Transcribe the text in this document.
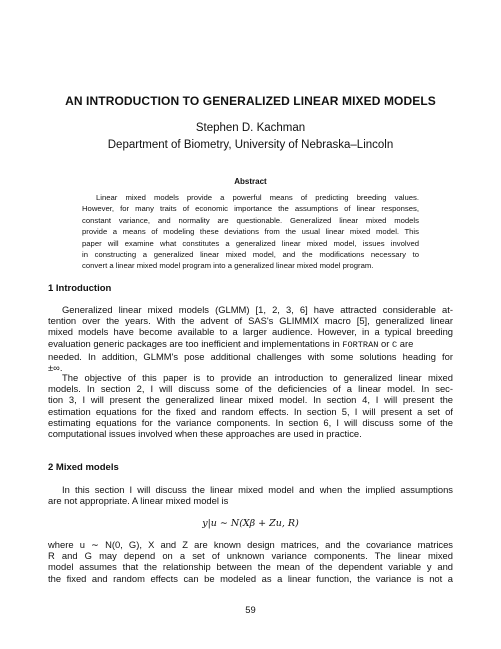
AN INTRODUCTION TO GENERALIZED LINEAR MIXED MODELS
Stephen D. Kachman
Department of Biometry, University of Nebraska–Lincoln
Abstract
Linear mixed models provide a powerful means of predicting breeding values.
However, for many traits of economic importance the assumptions of linear responses,
constant variance, and normality are questionable. Generalized linear mixed models
provide a means of modeling these deviations from the usual linear mixed model. This
paper will examine what constitutes a generalized linear mixed model, issues involved
in constructing a generalized linear mixed model, and the modifications necessary to
convert a linear mixed model program into a generalized linear mixed model program.
1 Introduction
Generalized linear mixed models (GLMM) [1, 2, 3, 6] have attracted considerable at-
tention over the years. With the advent of SAS's GLIMMIX macro [5], generalized linear
mixed models have become available to a larger audience. However, in a typical breeding
evaluation generic packages are too inefficient and implementations in FORTRAN or C are
needed. In addition, GLMM's pose additional challenges with some solutions heading for
±∞.
The objective of this paper is to provide an introduction to generalized linear mixed
models. In section 2, I will discuss some of the deficiencies of a linear model. In sec-
tion 3, I will present the generalized linear mixed model. In section 4, I will present the
estimation equations for the fixed and random effects. In section 5, I will present a set of
estimating equations for the variance components. In section 6, I will discuss some of the
computational issues involved when these approaches are used in practice.
2 Mixed models
In this section I will discuss the linear mixed model and when the implied assumptions
are not appropriate. A linear mixed model is
y|u ∼ N(Xβ + Zu, R)
where u ∼ N(0, G), X and Z are known design matrices, and the covariance matrices
R and G may depend on a set of unknown variance components. The linear mixed
model assumes that the relationship between the mean of the dependent variable y and
the fixed and random effects can be modeled as a linear function, the variance is not a
59
